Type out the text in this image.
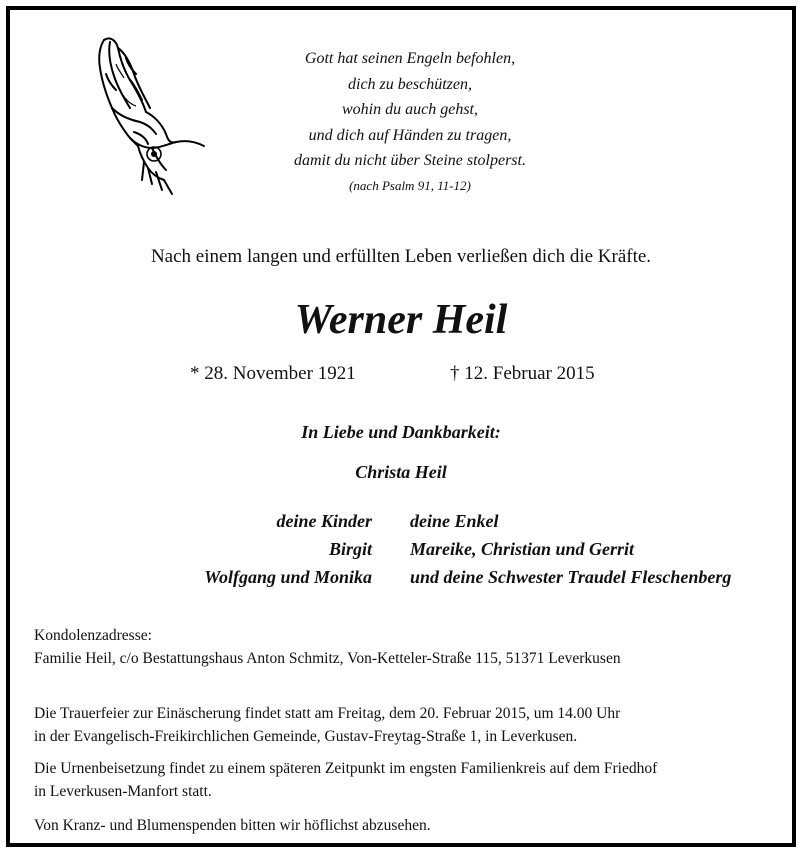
Gott hat seinen Engeln befohlen,
dich zu beschützen,
wohin du auch gehst,
und dich auf Händen zu tragen,
damit du nicht über Steine stolperst.
(nach Psalm 91, 11-12)
Nach einem langen und erfüllten Leben verließen dich die Kräfte.
Werner Heil
* 28. November 1921	† 12. Februar 2015
In Liebe und Dankbarkeit:
Christa Heil
deine Kinder
Birgit
Wolfgang und Monika
deine Enkel
Mareike, Christian und Gerrit
und deine Schwester Traudel Fleschenberg
Kondolenzadresse:
Familie Heil, c/o Bestattungshaus Anton Schmitz, Von-Ketteler-Straße 115, 51371 Leverkusen
Die Trauerfeier zur Einäscherung findet statt am Freitag, dem 20. Februar 2015, um 14.00 Uhr
in der Evangelisch-Freikirchlichen Gemeinde, Gustav-Freytag-Straße 1, in Leverkusen.
Die Urnenbeisetzung findet zu einem späteren Zeitpunkt im engsten Familienkreis auf dem Friedhof
in Leverkusen-Manfort statt.
Von Kranz- und Blumenspenden bitten wir höflichst abzusehen.
